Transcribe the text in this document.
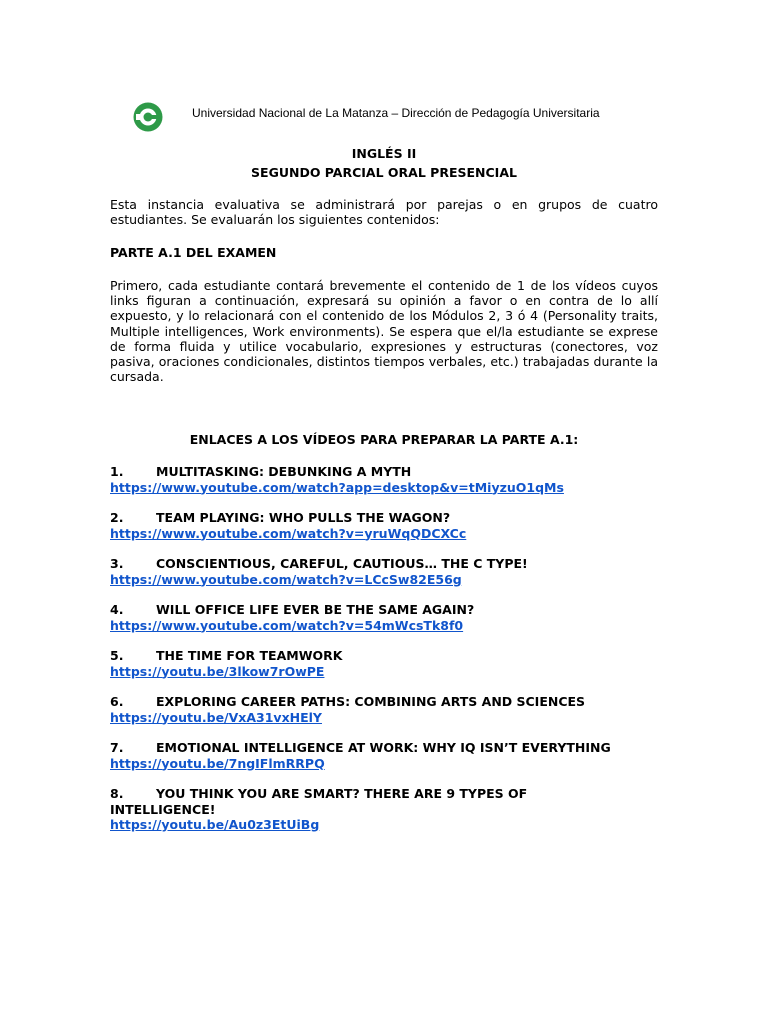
Universidad Nacional de La Matanza – Dirección de Pedagogía Universitaria
INGLÉS II
SEGUNDO PARCIAL ORAL PRESENCIAL

Esta instancia evaluativa se administrará por parejas o en grupos de cuatro estudiantes. Se evaluarán los siguientes contenidos:

PARTE A.1 DEL EXAMEN

Primero, cada estudiante contará brevemente el contenido de 1 de los vídeos cuyos links figuran a continuación, expresará su opinión a favor o en contra de lo allí expuesto, y lo relacionará con el contenido de los Módulos 2, 3 ó 4 (Personality traits, Multiple intelligences, Work environments). Se espera que el/la estudiante se exprese de forma fluida y utilice vocabulario, expresiones y estructuras (conectores, voz pasiva, oraciones condicionales, distintos tiempos verbales, etc.) trabajadas durante la cursada.

ENLACES A LOS VÍDEOS PARA PREPARAR LA PARTE A.1:
1.	MULTITASKING: DEBUNKING A MYTH
https://www.youtube.com/watch?app=desktop&v=tMiyzuO1qMs
2.	TEAM PLAYING: WHO PULLS THE WAGON?
https://www.youtube.com/watch?v=yruWqQDCXCc
3.	CONSCIENTIOUS, CAREFUL, CAUTIOUS… THE C TYPE!
https://www.youtube.com/watch?v=LCcSw82E56g
4.	WILL OFFICE LIFE EVER BE THE SAME AGAIN?
https://www.youtube.com/watch?v=54mWcsTk8f0
5.	THE TIME FOR TEAMWORK
https://youtu.be/3lkow7rOwPE
6.	EXPLORING CAREER PATHS: COMBINING ARTS AND SCIENCES
https://youtu.be/VxA31vxHElY
7.	EMOTIONAL INTELLIGENCE AT WORK: WHY IQ ISN’T EVERYTHING
https://youtu.be/7ngIFlmRRPQ
8.	YOU THINK YOU ARE SMART? THERE ARE 9 TYPES OF
INTELLIGENCE!
https://youtu.be/Au0z3EtUiBg
